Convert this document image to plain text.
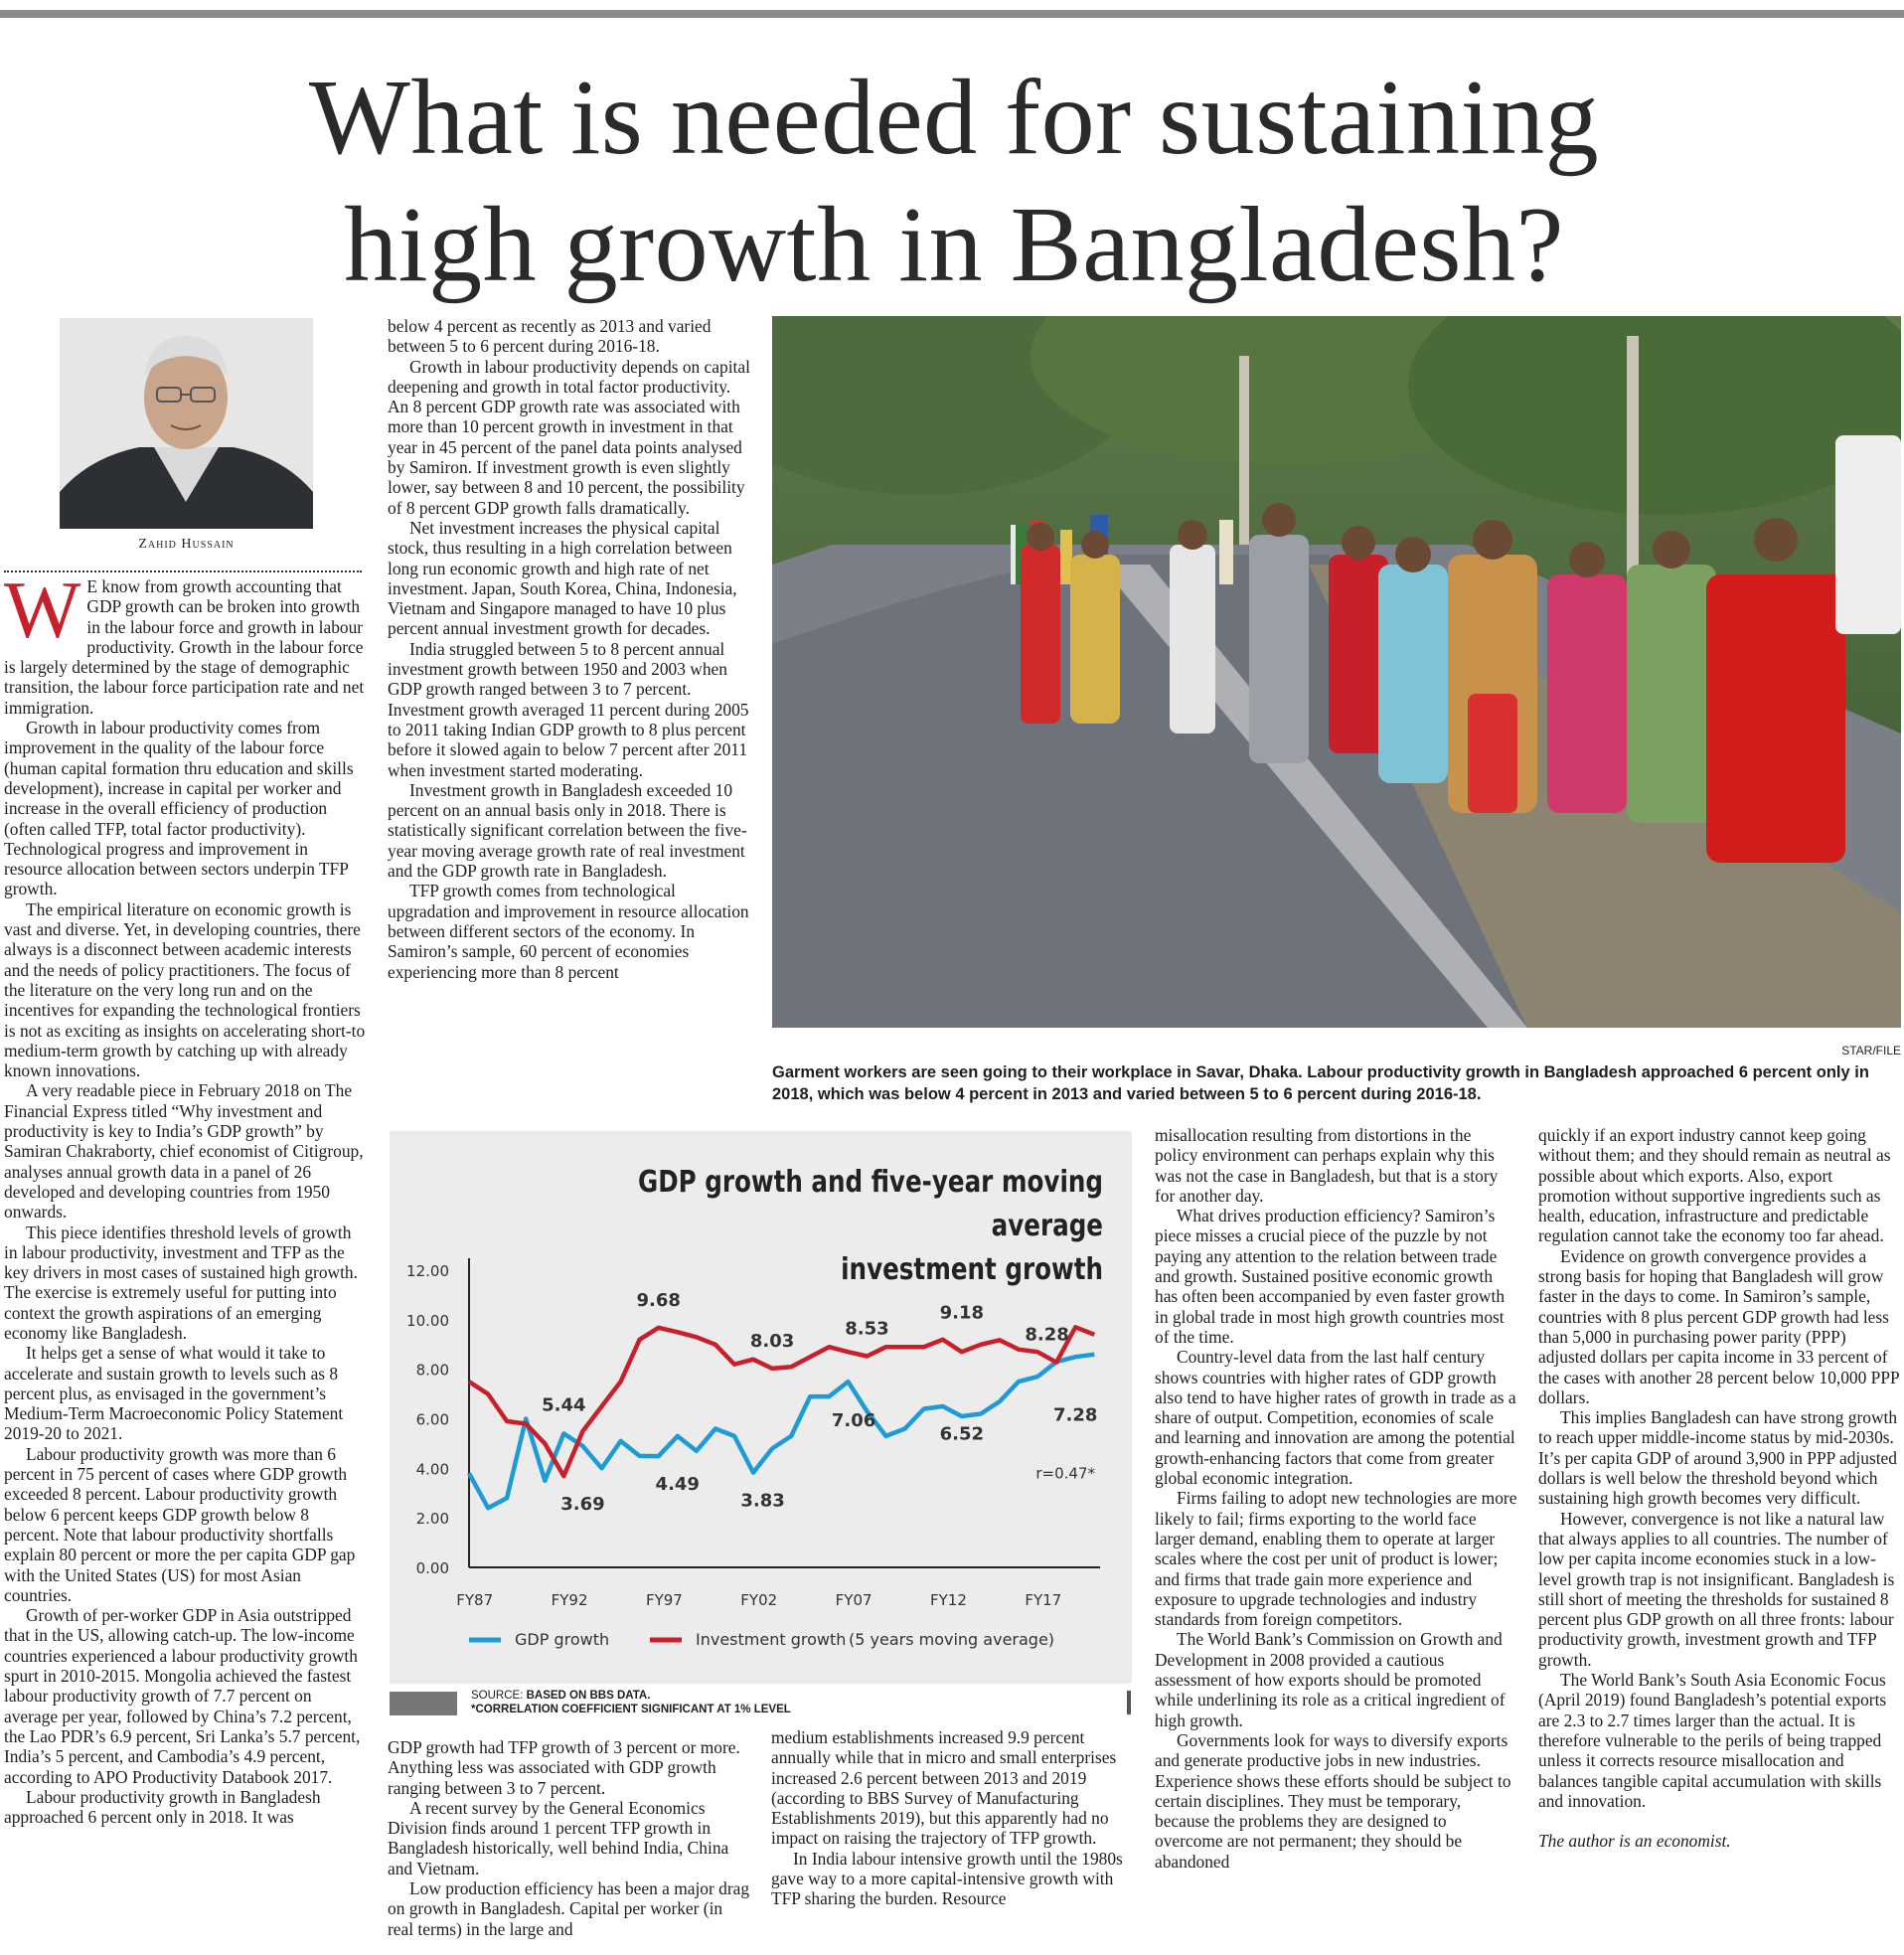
What is needed for sustaining
high growth in Bangladesh?
Zahid Hussain

W E know from growth accounting that GDP growth can be broken into growth in the labour force and growth in labour productivity. Growth in the labour force is largely determined by the stage of demographic transition, the labour force participation rate and net immigration.

Growth in labour productivity comes from improvement in the quality of the labour force (human capital formation thru education and skills development), increase in capital per worker and increase in the overall efficiency of production (often called TFP, total factor productivity). Technological progress and improvement in resource allocation between sectors underpin TFP growth.

The empirical literature on economic growth is vast and diverse. Yet, in developing countries, there always is a disconnect between academic interests and the needs of policy practitioners. The focus of the literature on the very long run and on the incentives for expanding the technological frontiers is not as exciting as insights on accelerating short-to medium-term growth by catching up with already known innovations.

A very readable piece in February 2018 on The Financial Express titled “Why investment and productivity is key to India’s GDP growth” by Samiran Chakraborty, chief economist of Citigroup, analyses annual growth data in a panel of 26 developed and developing countries from 1950 onwards.

This piece identifies threshold levels of growth in labour productivity, investment and TFP as the key drivers in most cases of sustained high growth. The exercise is extremely useful for putting into context the growth aspirations of an emerging economy like Bangladesh.

It helps get a sense of what would it take to accelerate and sustain growth to levels such as 8 percent plus, as envisaged in the government’s Medium-Term Macroeconomic Policy Statement 2019-20 to 2021.

Labour productivity growth was more than 6 percent in 75 percent of cases where GDP growth exceeded 8 percent. Labour productivity growth below 6 percent keeps GDP growth below 8 percent. Note that labour productivity shortfalls explain 80 percent or more the per capita GDP gap with the United States (US) for most Asian countries.

Growth of per-worker GDP in Asia outstripped that in the US, allowing catch-up. The low-income countries experienced a labour productivity growth spurt in 2010-2015. Mongolia achieved the fastest labour productivity growth of 7.7 percent on average per year, followed by China’s 7.2 percent, the Lao PDR’s 6.9 percent, Sri Lanka’s 5.7 percent, India’s 5 percent, and Cambodia’s 4.9 percent, according to APO Productivity Databook 2017.

Labour productivity growth in Bangladesh approached 6 percent only in 2018. It was

below 4 percent as recently as 2013 and varied between 5 to 6 percent during 2016-18.

Growth in labour productivity depends on capital deepening and growth in total factor productivity. An 8 percent GDP growth rate was associated with more than 10 percent growth in investment in that year in 45 percent of the panel data points analysed by Samiron. If investment growth is even slightly lower, say between 8 and 10 percent, the possibility of 8 percent GDP growth falls dramatically.

Net investment increases the physical capital stock, thus resulting in a high correlation between long run economic growth and high rate of net investment. Japan, South Korea, China, Indonesia, Vietnam and Singapore managed to have 10 plus percent annual investment growth for decades.

India struggled between 5 to 8 percent annual investment growth between 1950 and 2003 when GDP growth ranged between 3 to 7 percent. Investment growth averaged 11 percent during 2005 to 2011 taking Indian GDP growth to 8 plus percent before it slowed again to below 7 percent after 2011 when investment started moderating.

Investment growth in Bangladesh exceeded 10 percent on an annual basis only in 2018. There is statistically significant correlation between the five-year moving average growth rate of real investment and the GDP growth rate in Bangladesh.

TFP growth comes from technological upgradation and improvement in resource allocation between different sectors of the economy. In Samiron’s sample, 60 percent of economies experiencing more than 8 percent

STAR/FILE
Garment workers are seen going to their workplace in Savar, Dhaka. Labour productivity growth in Bangladesh approached 6 percent only in 2018, which was below 4 percent in 2013 and varied between 5 to 6 percent during 2016-18.
GDP growth and five-year moving average
investment growth
12.00
10.00
8.00
6.00
4.00
2.00
0.00
FY87	FY92	FY97	FY02	FY07	FY12	FY17
5.44
3.69
9.68
4.49
8.03
3.83
8.53
7.06
9.18
6.52
8.28
7.28
r=0.47*
GDP growth	Investment growth (5 years moving average)
SOURCE: BASED ON BBS DATA.
*CORRELATION COEFFICIENT SIGNIFICANT AT 1% LEVEL

GDP growth had TFP growth of 3 percent or more. Anything less was associated with GDP growth ranging between 3 to 7 percent.

A recent survey by the General Economics Division finds around 1 percent TFP growth in Bangladesh historically, well behind India, China and Vietnam.

Low production efficiency has been a major drag on growth in Bangladesh. Capital per worker (in real terms) in the large and

medium establishments increased 9.9 percent annually while that in micro and small enterprises increased 2.6 percent between 2013 and 2019 (according to BBS Survey of Manufacturing Establishments 2019), but this apparently had no impact on raising the trajectory of TFP growth.

In India labour intensive growth until the 1980s gave way to a more capital-intensive growth with TFP sharing the burden. Resource

misallocation resulting from distortions in the policy environment can perhaps explain why this was not the case in Bangladesh, but that is a story for another day.

What drives production efficiency? Samiron’s piece misses a crucial piece of the puzzle by not paying any attention to the relation between trade and growth. Sustained positive economic growth has often been accompanied by even faster growth in global trade in most high growth countries most of the time.

Country-level data from the last half century shows countries with higher rates of GDP growth also tend to have higher rates of growth in trade as a share of output. Competition, economies of scale and learning and innovation are among the potential growth-enhancing factors that come from greater global economic integration.

Firms failing to adopt new technologies are more likely to fail; firms exporting to the world face larger demand, enabling them to operate at larger scales where the cost per unit of product is lower; and firms that trade gain more experience and exposure to upgrade technologies and industry standards from foreign competitors.

The World Bank’s Commission on Growth and Development in 2008 provided a cautious assessment of how exports should be promoted while underlining its role as a critical ingredient of high growth.

Governments look for ways to diversify exports and generate productive jobs in new industries. Experience shows these efforts should be subject to certain disciplines. They must be temporary, because the problems they are designed to overcome are not permanent; they should be abandoned

quickly if an export industry cannot keep going without them; and they should remain as neutral as possible about which exports. Also, export promotion without supportive ingredients such as health, education, infrastructure and predictable regulation cannot take the economy too far ahead.

Evidence on growth convergence provides a strong basis for hoping that Bangladesh will grow faster in the days to come. In Samiron’s sample, countries with 8 plus percent GDP growth had less than 5,000 in purchasing power parity (PPP) adjusted dollars per capita income in 33 percent of the cases with another 28 percent below 10,000 PPP dollars.

This implies Bangladesh can have strong growth to reach upper middle-income status by mid-2030s. It’s per capita GDP of around 3,900 in PPP adjusted dollars is well below the threshold beyond which sustaining high growth becomes very difficult.

However, convergence is not like a natural law that always applies to all countries. The number of low per capita income economies stuck in a low-level growth trap is not insignificant. Bangladesh is still short of meeting the thresholds for sustained 8 percent plus GDP growth on all three fronts: labour productivity growth, investment growth and TFP growth.

The World Bank’s South Asia Economic Focus (April 2019) found Bangladesh’s potential exports are 2.3 to 2.7 times larger than the actual. It is therefore vulnerable to the perils of being trapped unless it corrects resource misallocation and balances tangible capital accumulation with skills and innovation.

The author is an economist.
